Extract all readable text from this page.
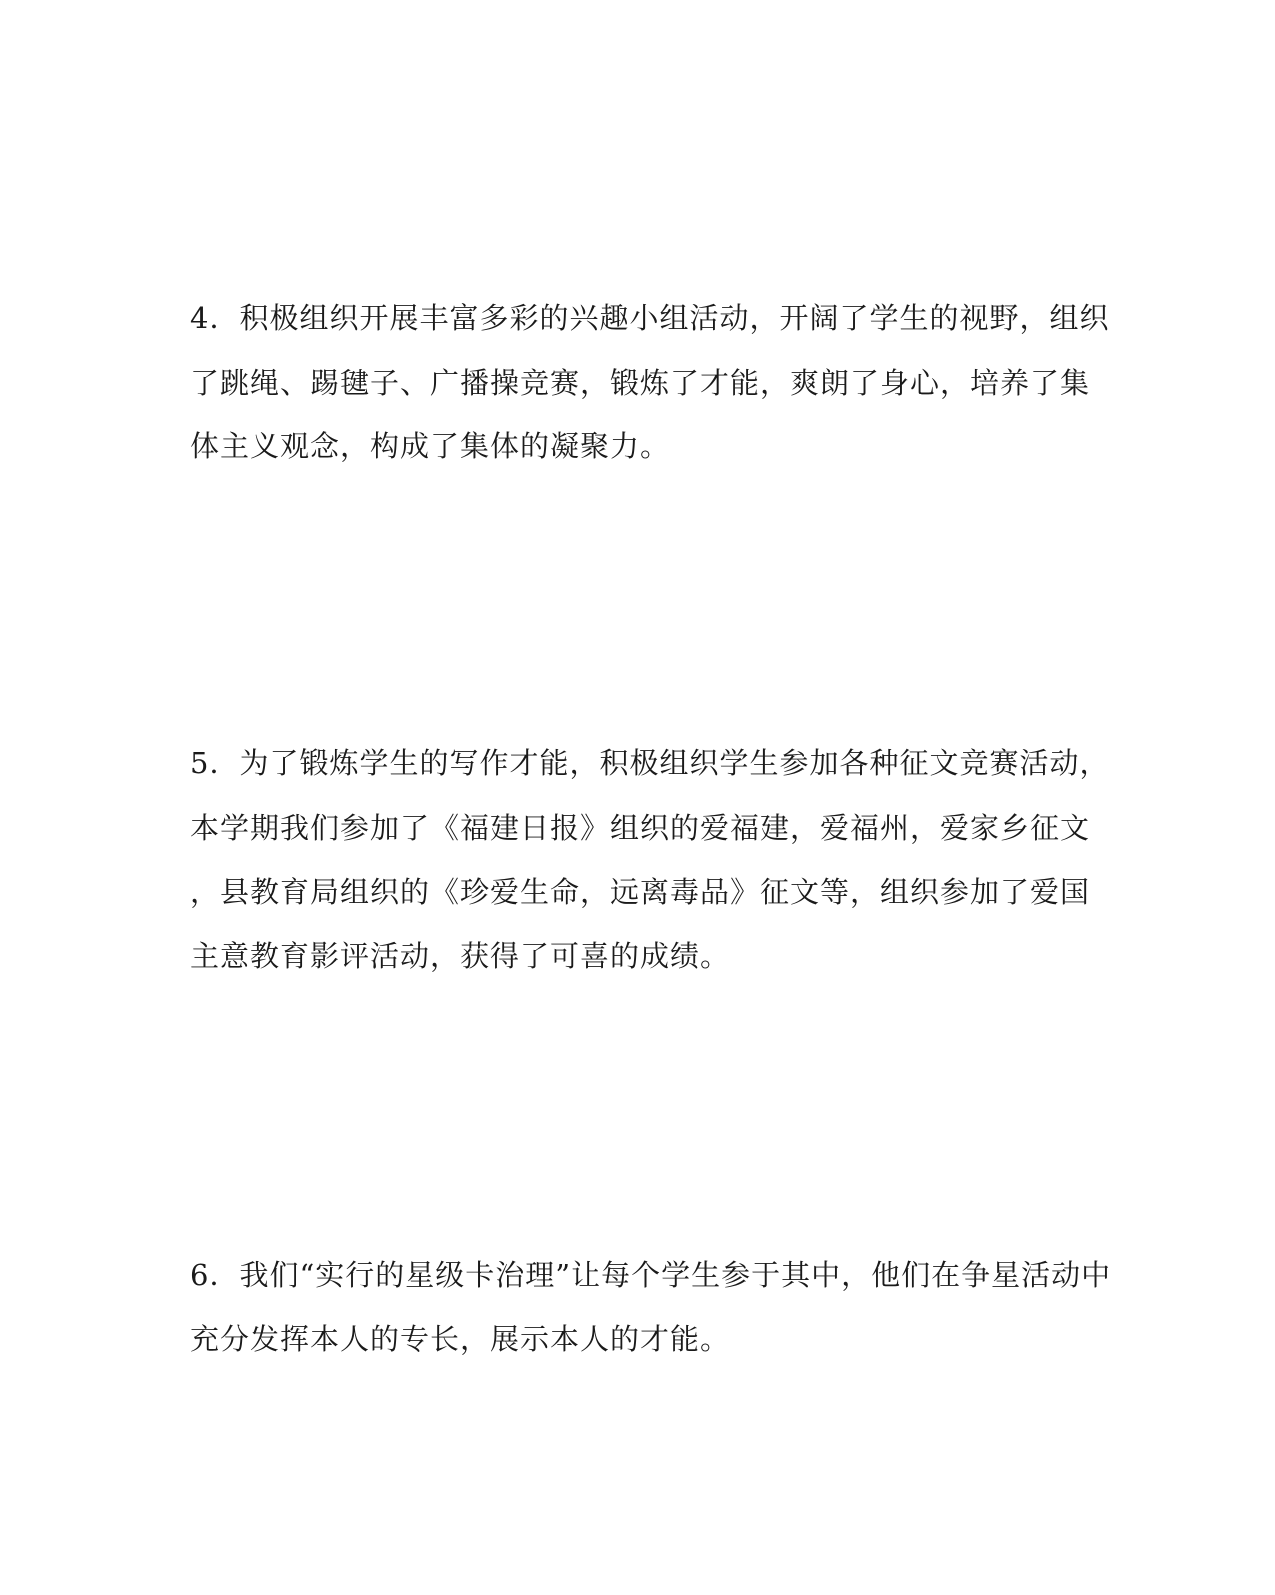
4．积极组织开展丰富多彩的兴趣小组活动，开阔了学生的视野，组织

了跳绳、踢毽子、广播操竞赛，锻炼了才能，爽朗了身心，培养了集

体主义观念，构成了集体的凝聚力。

5．为了锻炼学生的写作才能，积极组织学生参加各种征文竞赛活动，

本学期我们参加了《福建日报》组织的爱福建，爱福州，爱家乡征文

，县教育局组织的《珍爱生命，远离毒品》征文等，组织参加了爱国

主意教育影评活动，获得了可喜的成绩。

6．我们“实行的星级卡治理”让每个学生参于其中，他们在争星活动中

充分发挥本人的专长，展示本人的才能。
